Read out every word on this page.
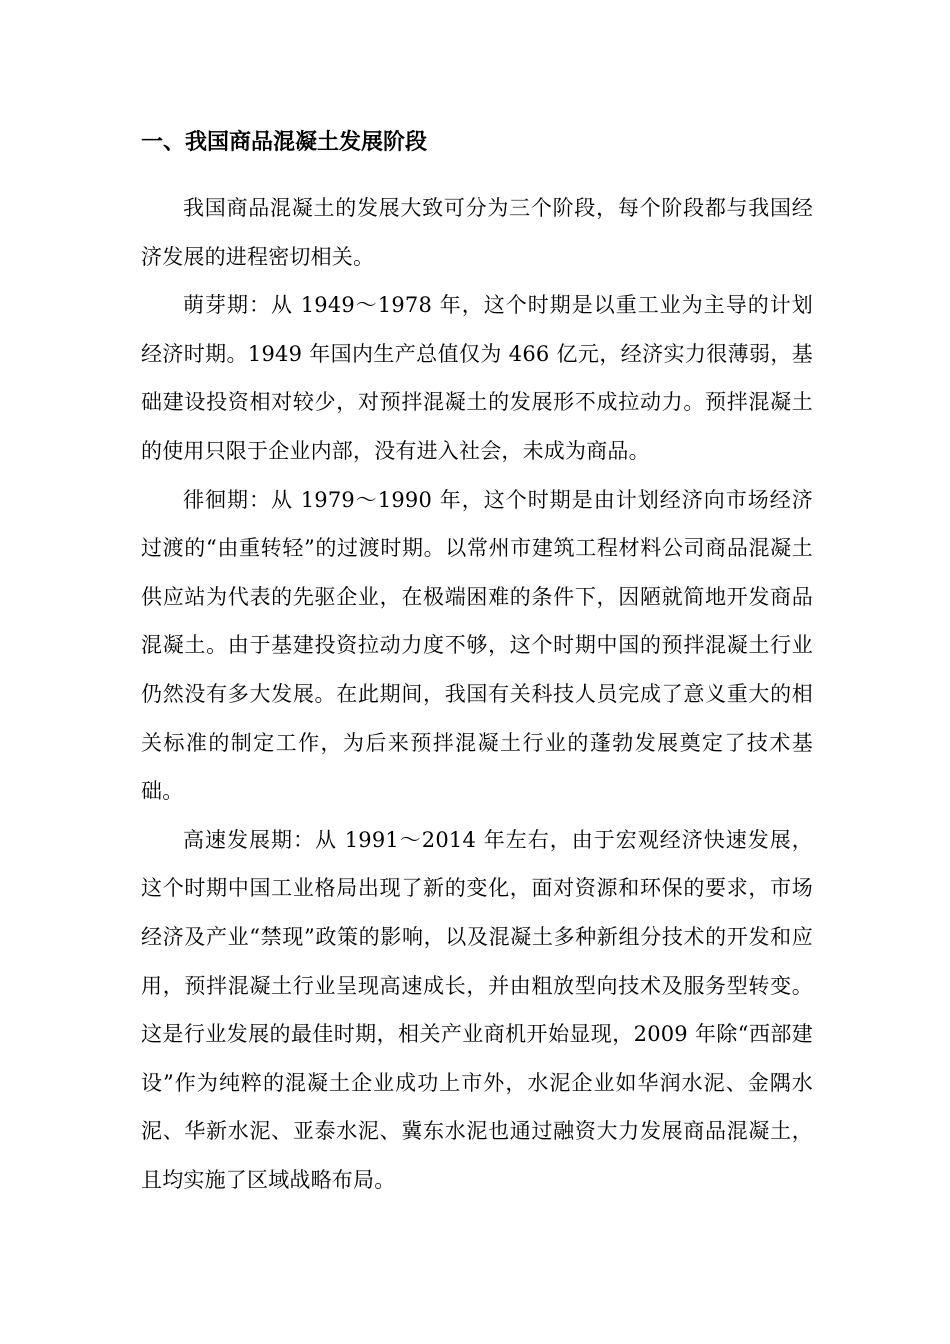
一、我国商品混凝土发展阶段

我国商品混凝土的发展大致可分为三个阶段，每个阶段都与我国经济发展的进程密切相关。

萌芽期：从 1949～1978 年，这个时期是以重工业为主导的计划经济时期。1949 年国内生产总值仅为 466 亿元，经济实力很薄弱，基础建设投资相对较少，对预拌混凝土的发展形不成拉动力。预拌混凝土的使用只限于企业内部，没有进入社会，未成为商品。

徘徊期：从 1979～1990 年，这个时期是由计划经济向市场经济过渡的“由重转轻”的过渡时期。以常州市建筑工程材料公司商品混凝土供应站为代表的先驱企业，在极端困难的条件下，因陋就简地开发商品混凝土。由于基建投资拉动力度不够，这个时期中国的预拌混凝土行业仍然没有多大发展。在此期间，我国有关科技人员完成了意义重大的相关标准的制定工作，为后来预拌混凝土行业的蓬勃发展奠定了技术基础。

高速发展期：从 1991～2014 年左右，由于宏观经济快速发展，这个时期中国工业格局出现了新的变化，面对资源和环保的要求，市场经济及产业“禁现”政策的影响，以及混凝土多种新组分技术的开发和应用，预拌混凝土行业呈现高速成长，并由粗放型向技术及服务型转变。这是行业发展的最佳时期，相关产业商机开始显现，2009 年除“西部建设”作为纯粹的混凝土企业成功上市外，水泥企业如华润水泥、金隅水泥、华新水泥、亚泰水泥、冀东水泥也通过融资大力发展商品混凝土，且均实施了区域战略布局。
